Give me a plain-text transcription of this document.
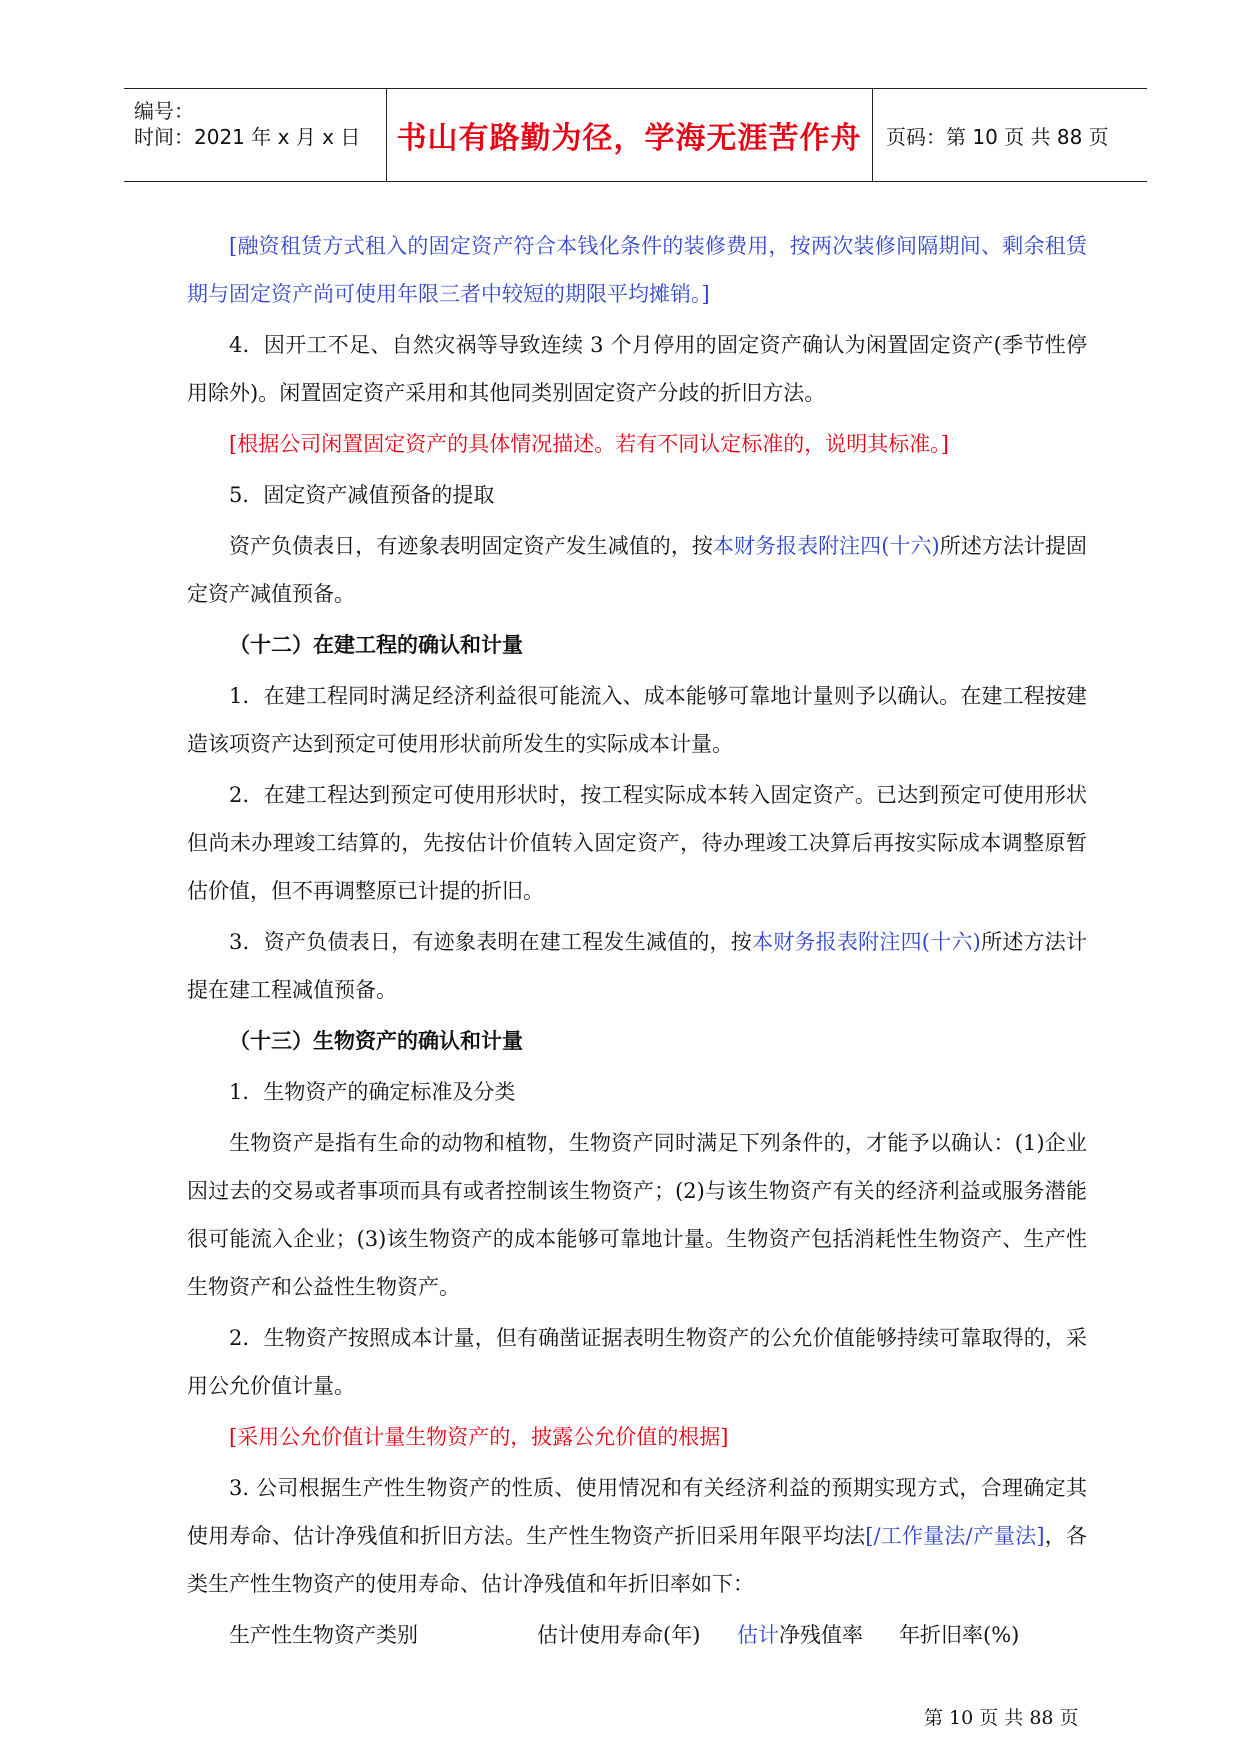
编号：
时间：2021 年 x 月 x 日	书山有路勤为径，学海无涯苦作舟	页码：第 10 页 共 88 页

[融资租赁方式租入的固定资产符合本钱化条件的装修费用，按两次装修间隔期间、剩余租赁期与固定资产尚可使用年限三者中较短的期限平均摊销。]

4．因开工不足、自然灾祸等导致连续 3 个月停用的固定资产确认为闲置固定资产(季节性停用除外)。闲置固定资产采用和其他同类别固定资产分歧的折旧方法。

[根据公司闲置固定资产的具体情况描述。若有不同认定标准的，说明其标准。]

5．固定资产减值预备的提取

资产负债表日，有迹象表明固定资产发生减值的，按本财务报表附注四(十六)所述方法计提固定资产减值预备。

（十二）在建工程的确认和计量

1．在建工程同时满足经济利益很可能流入、成本能够可靠地计量则予以确认。在建工程按建造该项资产达到预定可使用形状前所发生的实际成本计量。

2．在建工程达到预定可使用形状时，按工程实际成本转入固定资产。已达到预定可使用形状但尚未办理竣工结算的，先按估计价值转入固定资产，待办理竣工决算后再按实际成本调整原暂估价值，但不再调整原已计提的折旧。

3．资产负债表日，有迹象表明在建工程发生减值的，按本财务报表附注四(十六)所述方法计提在建工程减值预备。

（十三）生物资产的确认和计量

1．生物资产的确定标准及分类

生物资产是指有生命的动物和植物，生物资产同时满足下列条件的，才能予以确认：(1)企业因过去的交易或者事项而具有或者控制该生物资产；(2)与该生物资产有关的经济利益或服务潜能很可能流入企业；(3)该生物资产的成本能够可靠地计量。生物资产包括消耗性生物资产、生产性生物资产和公益性生物资产。

2．生物资产按照成本计量，但有确凿证据表明生物资产的公允价值能够持续可靠取得的，采用公允价值计量。

[采用公允价值计量生物资产的，披露公允价值的根据]

3. 公司根据生产性生物资产的性质、使用情况和有关经济利益的预期实现方式，合理确定其使用寿命、估计净残值和折旧方法。生产性生物资产折旧采用年限平均法[/工作量法/产量法]，各类生产性生物资产的使用寿命、估计净残值和年折旧率如下：

生产性生物资产类别	估计使用寿命(年) 估计净残值率 年折旧率(%)
第 10 页 共 88 页
